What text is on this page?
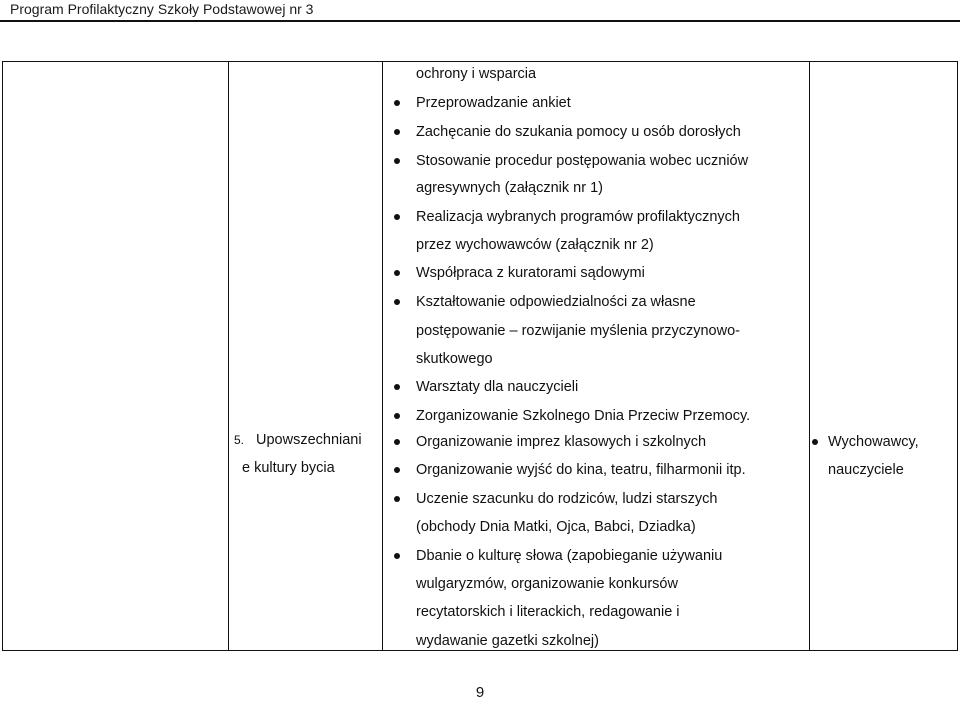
Program Profilaktyczny Szkoły Podstawowej nr 3
5. Upowszechniani
e kultury bycia
ochrony i wsparcia
Przeprowadzanie ankiet
Zachęcanie do szukania pomocy u osób dorosłych
Stosowanie procedur postępowania wobec uczniów
agresywnych (załącznik nr 1)
Realizacja wybranych programów profilaktycznych
przez wychowawców (załącznik nr 2)
Współpraca z kuratorami sądowymi
Kształtowanie odpowiedzialności za własne
postępowanie – rozwijanie myślenia przyczynowo-
skutkowego
Warsztaty dla nauczycieli
Zorganizowanie Szkolnego Dnia Przeciw Przemocy.
Organizowanie imprez klasowych i szkolnych
Organizowanie wyjść do kina, teatru, filharmonii itp.
Uczenie szacunku do rodziców, ludzi starszych
(obchody Dnia Matki, Ojca, Babci, Dziadka)
Dbanie o kulturę słowa (zapobieganie używaniu
wulgaryzmów, organizowanie konkursów
recytatorskich i literackich, redagowanie i
wydawanie gazetki szkolnej)
Wychowawcy,
nauczyciele
9
